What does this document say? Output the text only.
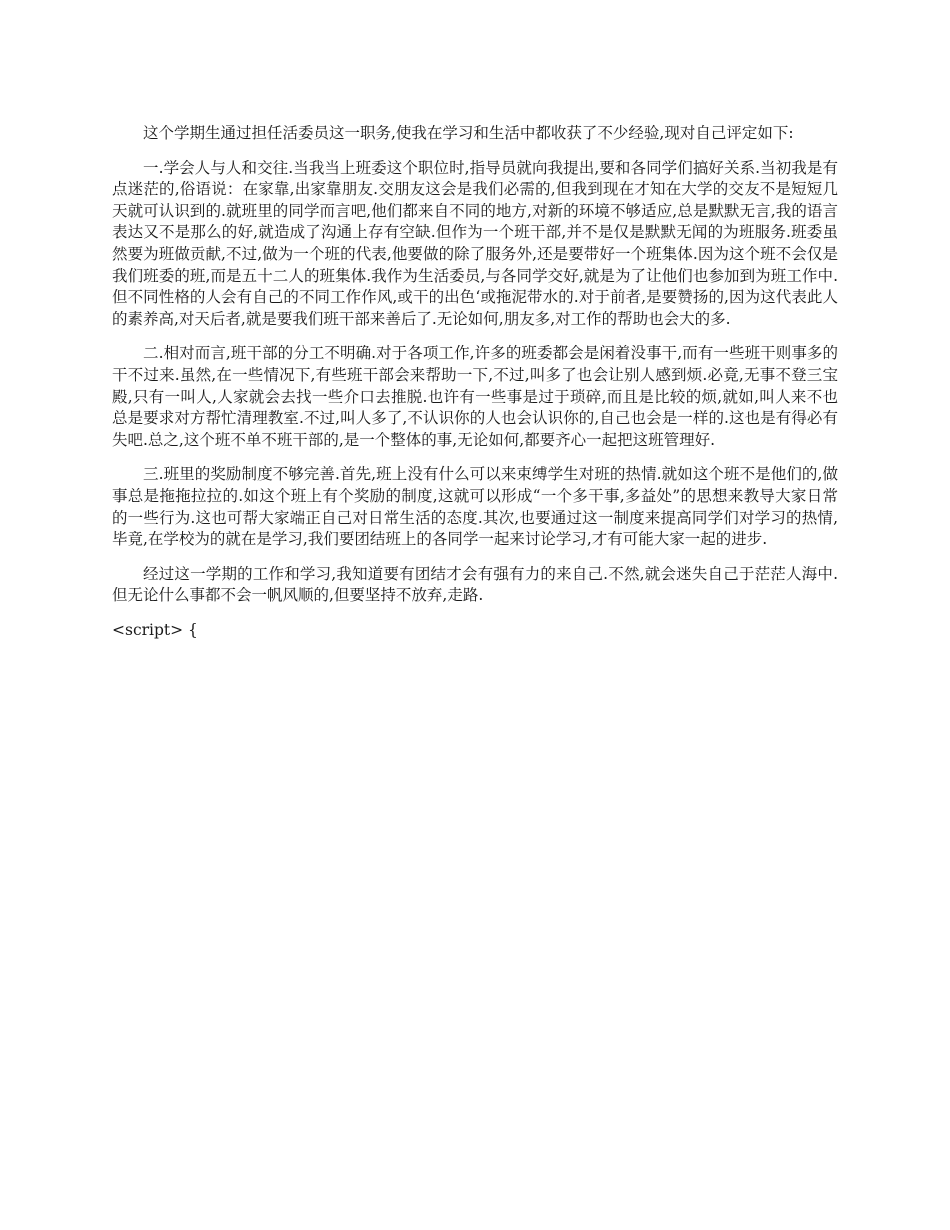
这个学期生通过担任活委员这一职务,使我在学习和生活中都收获了不少经验,现对自己评定如下:

一.学会人与人和交往.当我当上班委这个职位时,指导员就向我提出,要和各同学们搞好关系.当初我是有点迷茫的,俗语说：在家靠,出家靠朋友.交朋友这会是我们必需的,但我到现在才知在大学的交友不是短短几天就可认识到的.就班里的同学而言吧,他们都来自不同的地方,对新的环境不够适应,总是默默无言,我的语言表达又不是那么的好,就造成了沟通上存有空缺.但作为一个班干部,并不是仅是默默无闻的为班服务.班委虽然要为班做贡献,不过,做为一个班的代表,他要做的除了服务外,还是要带好一个班集体.因为这个班不会仅是我们班委的班,而是五十二人的班集体.我作为生活委员,与各同学交好,就是为了让他们也参加到为班工作中.但不同性格的人会有自己的不同工作作风,或干的出色‘或拖泥带水的.对于前者,是要赞扬的,因为这代表此人的素养高,对天后者,就是要我们班干部来善后了.无论如何,朋友多,对工作的帮助也会大的多.

二.相对而言,班干部的分工不明确.对于各项工作,许多的班委都会是闲着没事干,而有一些班干则事多的干不过来.虽然,在一些情况下,有些班干部会来帮助一下,不过,叫多了也会让别人感到烦.必竟,无事不登三宝殿,只有一叫人,人家就会去找一些介口去推脱.也许有一些事是过于琐碎,而且是比较的烦,就如,叫人来不也总是要求对方帮忙清理教室.不过,叫人多了,不认识你的人也会认识你的,自己也会是一样的.这也是有得必有失吧.总之,这个班不单不班干部的,是一个整体的事,无论如何,都要齐心一起把这班管理好.

三.班里的奖励制度不够完善.首先,班上没有什么可以来束缚学生对班的热情.就如这个班不是他们的,做事总是拖拖拉拉的.如这个班上有个奖励的制度,这就可以形成“一个多干事,多益处”的思想来教导大家日常的一些行为.这也可帮大家端正自己对日常生活的态度.其次,也要通过这一制度来提高同学们对学习的热情,毕竟,在学校为的就在是学习,我们要团结班上的各同学一起来讨论学习,才有可能大家一起的进步.

经过这一学期的工作和学习,我知道要有团结才会有强有力的来自己.不然,就会迷失自己于茫茫人海中.但无论什么事都不会一帆风顺的,但要坚持不放弃,走路.

<script> {
